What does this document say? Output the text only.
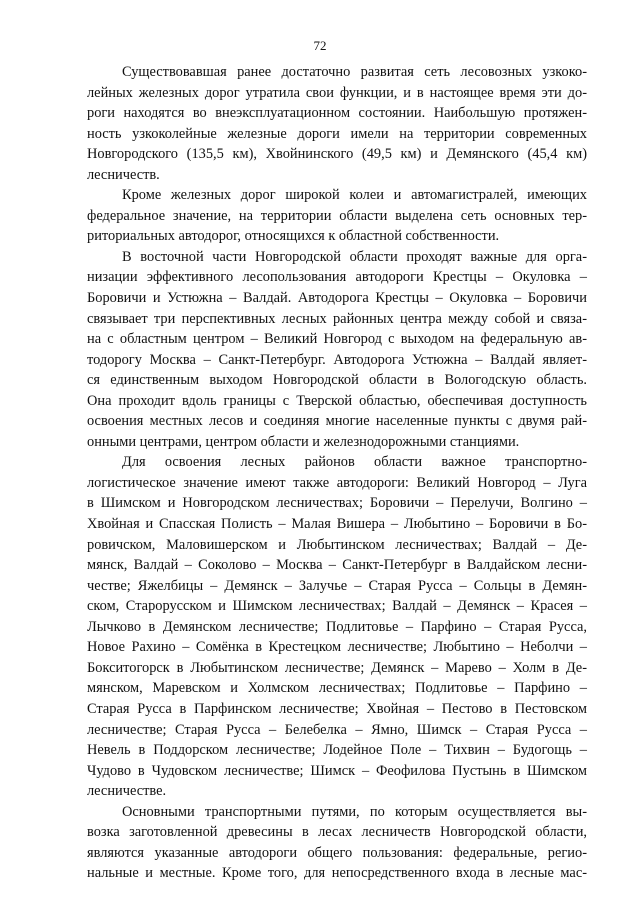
72
Существовавшая ранее достаточно развитая сеть лесовозных узкоко-
лейных железных дорог утратила свои функции, и в настоящее время эти до-
роги находятся во внеэксплуатационном состоянии. Наибольшую протяжен-
ность узкоколейные железные дороги имели на территории современных
Новгородского (135,5 км), Хвойнинского (49,5 км) и Демянского (45,4 км)
лесничеств.
Кроме железных дорог широкой колеи и автомагистралей, имеющих
федеральное значение, на территории области выделена сеть основных тер-
риториальных автодорог, относящихся к областной собственности.
В восточной части Новгородской области проходят важные для орга-
низации эффективного лесопользования автодороги Крестцы – Окуловка –
Боровичи и Устюжна – Валдай. Автодорога Крестцы – Окуловка – Боровичи
связывает три перспективных лесных районных центра между собой и связа-
на с областным центром – Великий Новгород с выходом на федеральную ав-
тодорогу Москва – Санкт-Петербург. Автодорога Устюжна – Валдай являет-
ся единственным выходом Новгородской области в Вологодскую область.
Она проходит вдоль границы с Тверской областью, обеспечивая доступность
освоения местных лесов и соединяя многие населенные пункты с двумя рай-
онными центрами, центром области и железнодорожными станциями.
Для освоения лесных районов области важное транспортно-
логистическое значение имеют также автодороги: Великий Новгород – Луга
в Шимском и Новгородском лесничествах; Боровичи – Перелучи, Волгино –
Хвойная и Спасская Полисть – Малая Вишера – Любытино – Боровичи в Бо-
ровичском, Маловишерском и Любытинском лесничествах; Валдай – Де-
мянск, Валдай – Соколово – Москва – Санкт-Петербург в Валдайском лесни-
честве; Яжелбицы – Демянск – Залучье – Старая Русса – Сольцы в Демян-
ском, Старорусском и Шимском лесничествах; Валдай – Демянск – Красея –
Лычково в Демянском лесничестве; Подлитовье – Парфино – Старая Русса,
Новое Рахино – Сомёнка в Крестецком лесничестве; Любытино – Неболчи –
Бокситогорск в Любытинском лесничестве; Демянск – Марево – Холм в Де-
мянском, Маревском и Холмском лесничествах; Подлитовье – Парфино –
Старая Русса в Парфинском лесничестве; Хвойная – Пестово в Пестовском
лесничестве; Старая Русса – Белебелка – Ямно, Шимск – Старая Русса –
Невель в Поддорском лесничестве; Лодейное Поле – Тихвин – Будогощь –
Чудово в Чудовском лесничестве; Шимск – Феофилова Пустынь в Шимском
лесничестве.
Основными транспортными путями, по которым осуществляется вы-
возка заготовленной древесины в лесах лесничеств Новгородской области,
являются указанные автодороги общего пользования: федеральные, регио-
нальные и местные. Кроме того, для непосредственного входа в лесные мас-
